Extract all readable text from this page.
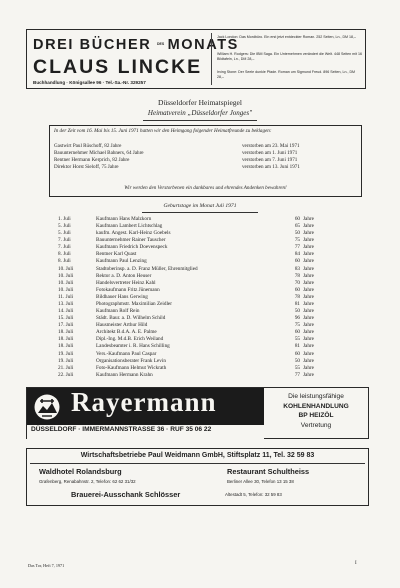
DREI BÜCHER DES MONATS
CLAUS LINCKE
Buchhandlung · Königsallee 96 · Tel.-Sa.-Nr. 329257
Jack London: Das Mordbüro. Ein erst jetzt entdeckter Roman. 252 Seiten, Ln., DM 18,–
William H. Rodgers: Die IBM Saga. Ein Unternehmen verändert die Welt. 448 Seiten mit 16 Bildtafeln, Ln., DM 28,–
Irving Stone: Der Seele dunkle Pfade. Roman um Sigmund Freud. 896 Seiten, Ln., DM 28,–
Düsseldorfer Heimatspiegel
Heimatverein „Düsseldorfer Jonges"
In der Zeit vom 16. Mai bis 15. Juni 1971 hatten wir den Heimgang folgender Heimatfreunde zu beklagen:
Gastwirt Paul Rüschoff, 82 Jahre	verstorben am 23. Mai 1971
Bauunternehmer Michael Bahners, 64 Jahre	verstorben am 1. Juni 1971
Rentner Hermann Kerprich, 82 Jahre	verstorben am 7. Juni 1971
Direktor Horst Sieloff, 75 Jahre	verstorben am 13. Juni 1971
Wir werden den Verstorbenen ein dankbares und ehrendes Andenken bewahren!
Geburtstage im Monat Juli 1971
1. Juli	Kaufmann Hans Malzkorn	60 Jahre
5. Juli	Kaufmann Lambert Lichtschlag	65 Jahre
5. Juli	kaufm. Angest. Karl-Heinz Goebels	50 Jahre
7. Juli	Bauunternehmer Rainer Tauscher	75 Jahre
7. Juli	Kaufmann Friedrich Doevenspeck	77 Jahre
8. Juli	Rentner Karl Quast	84 Jahre
8. Juli	Kaufmann Paul Lenzing	60 Jahre
10. Juli	Stadtoberinsp. a. D. Franz Müller, Ehrenmitglied	83 Jahre
10. Juli	Rektor a. D. Anton Heuser	78 Jahre
10. Juli	Handelsvertreter Heinz Kahl	70 Jahre
10. Juli	Fotokaufmann Fritz Jünemann	60 Jahre
11. Juli	Bildhauer Hans Gerwing	78 Jahre
13. Juli	Photographmstr. Maximilian Zeidler	81 Jahre
14. Juli	Kaufmann Rolf Rein	50 Jahre
15. Juli	Städt. Baur. a. D. Wilhelm Schild	96 Jahre
17. Juli	Hausmeister Arthur Hild	75 Jahre
18. Juli	Architekt B.d.A. A. E. Palme	60 Jahre
18. Juli	Dipl.-Ing. M.d.B. Erich Weiland	55 Jahre
18. Juli	Landesbeamter i. R. Hans Schilling	81 Jahre
19. Juli	Vers.-Kaufmann Paul Caspar	60 Jahre
19. Juli	Organisationsberater Frank Levin	50 Jahre
21. Juli	Foto-Kaufmann Helmut Wickrath	55 Jahre
22. Juli	Kaufmann Hermann Krahn	77 Jahre
Rayermann
DÜSSELDORF · IMMERMANNSTRASSE 36 · RUF 35 06 22
Die leistungsfähige
KOHLENHANDLUNG
BP HEIZÖL
Vertretung
Wirtschaftsbetriebe Paul Weidmann GmbH, Stiftsplatz 11, Tel. 32 59 83
Waldhotel Rolandsburg
Grafenberg, Renabahnstr. 2, Telefon: 62 62 31/32
Restaurant Schultheiss
Berliner Allee 30, Telefon 13 15 38
Brauerei-Ausschank Schlösser	Altestadt 5, Telefon: 32 59 83
Das Tor, Heft 7, 1971	I
